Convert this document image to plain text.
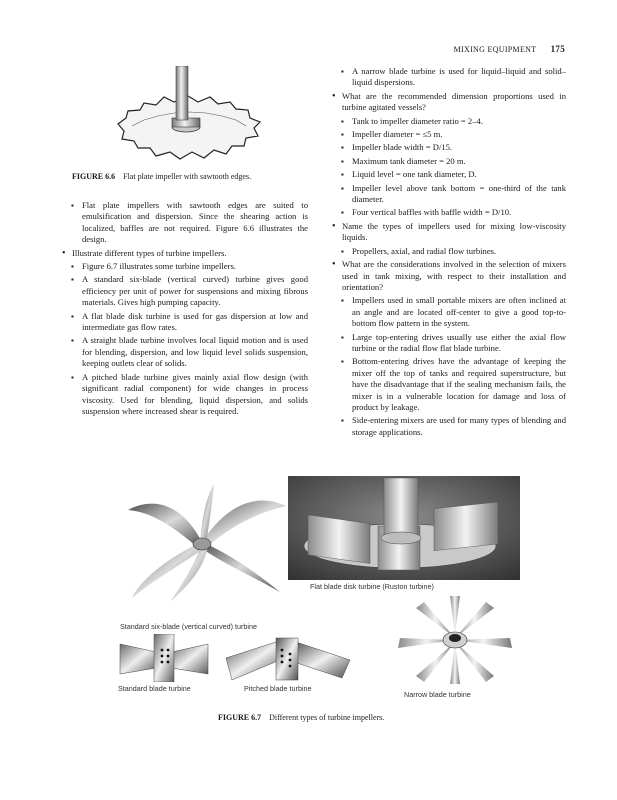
MIXING EQUIPMENT 175
FIGURE 6.6 Flat plate impeller with sawtooth edges.

▪ Flat plate impellers with sawtooth edges are suited to emulsification and dispersion. Since the shearing action is localized, baffles are not required. Figure 6.6 illustrates the design.

• Illustrate different types of turbine impellers.

▪ Figure 6.7 illustrates some turbine impellers.

▪ A standard six-blade (vertical curved) turbine gives good efficiency per unit of power for suspensions and mixing fibrous materials. Gives high pumping capacity.

▪ A flat blade disk turbine is used for gas dispersion at low and intermediate gas flow rates.

▪ A straight blade turbine involves local liquid motion and is used for blending, dispersion, and low liquid level solids suspension, keeping outlets clear of solids.

▪ A pitched blade turbine gives mainly axial flow design (with significant radial component) for wide changes in process viscosity. Used for blending, liquid dispersion, and solids suspension where increased shear is required.

▪ A narrow blade turbine is used for liquid–liquid and solid–liquid dispersions.

• What are the recommended dimension proportions used in turbine agitated vessels?

▪ Tank to impeller diameter ratio = 2–4.

▪ Impeller diameter = ≤5 m.

▪ Impeller blade width = D/15.

▪ Maximum tank diameter = 20 m.

▪ Liquid level = one tank diameter, D.

▪ Impeller level above tank bottom = one-third of the tank diameter.

▪ Four vertical baffles with baffle width = D/10.

• Name the types of impellers used for mixing low-viscosity liquids.

▪ Propellers, axial, and radial flow turbines.

• What are the considerations involved in the selection of mixers used in tank mixing, with respect to their installation and orientation?

▪ Impellers used in small portable mixers are often inclined at an angle and are located off-center to give a good top-to-bottom flow pattern in the system.

▪ Large top-entering drives usually use either the axial flow turbine or the radial flow flat blade turbine.

▪ Bottom-entering drives have the advantage of keeping the mixer off the top of tanks and required superstructure, but have the disadvantage that if the sealing mechanism fails, the mixer is in a vulnerable location for damage and loss of product by leakage.

▪ Side-entering mixers are used for many types of blending and storage applications.

Flat blade disk turbine (Ruston turbine)
Standard six-blade (vertical curved) turbine
Standard blade turbine	Pitched blade turbine
Narrow blade turbine
FIGURE 6.7 Different types of turbine impellers.
